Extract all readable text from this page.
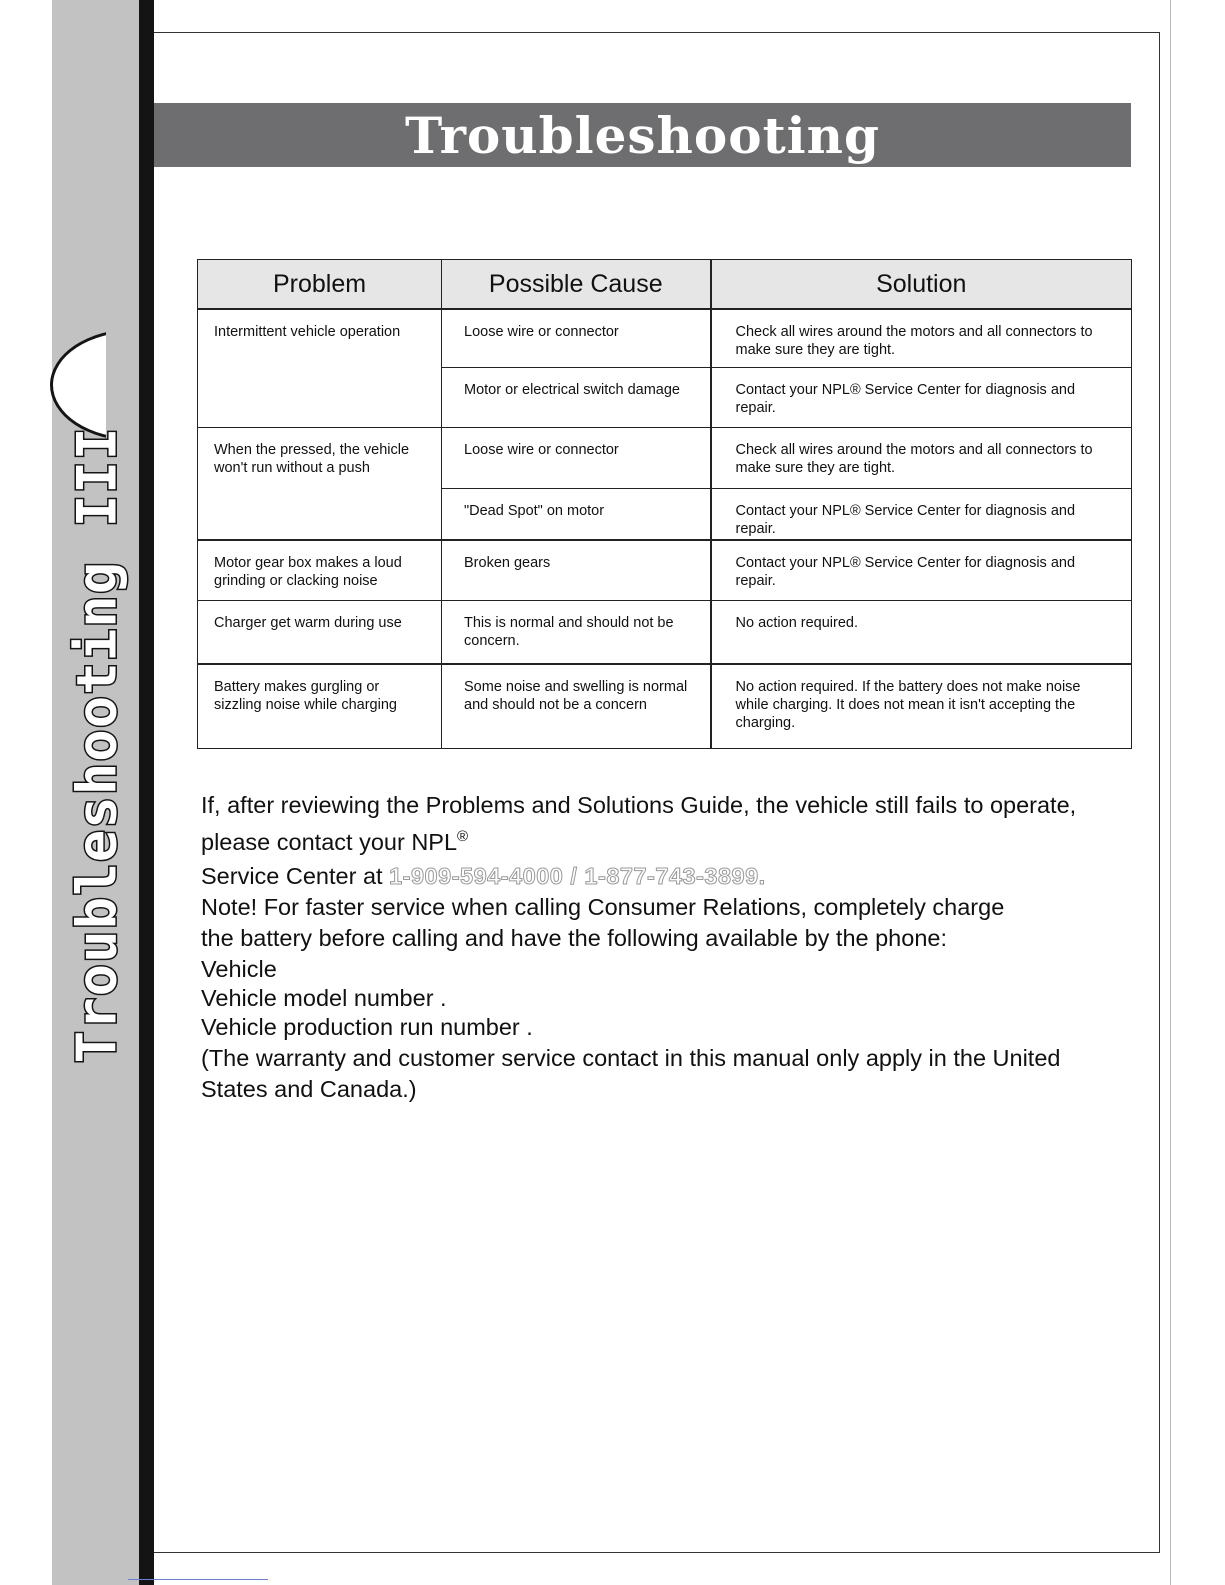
Troubleshooting III
Troubleshooting
Problem	Possible Cause	Solution
Intermittent vehicle operation	Loose wire or connector	Check all wires around the motors and all connectors to make sure they are tight.
	Motor or electrical switch damage	Contact your NPL® Service Center for diagnosis and repair.
When the pressed, the vehicle won't run without a push	Loose wire or connector	Check all wires around the motors and all connectors to make sure they are tight.
	"Dead Spot" on motor	Contact your NPL® Service Center for diagnosis and repair.
Motor gear box makes a loud grinding or clacking noise	Broken gears	Contact your NPL® Service Center for diagnosis and repair.
Charger get warm during use	This is normal and should not be concern.	No action required.
Battery makes gurgling or sizzling noise while charging	Some noise and swelling is normal and should not be a concern	No action required. If the battery does not make noise while charging. It does not mean it isn't accepting the charging.

If, after reviewing the Problems and Solutions Guide, the vehicle still fails to operate,

please contact your NPL®

Service Center at 1-909-594-4000 / 1-877-743-3899.

Note! For faster service when calling Consumer Relations, completely charge

the battery before calling and have the following available by the phone:

Vehicle

Vehicle model number .

Vehicle production run number .

(The warranty and customer service contact in this manual only apply in the United

States and Canada.)
